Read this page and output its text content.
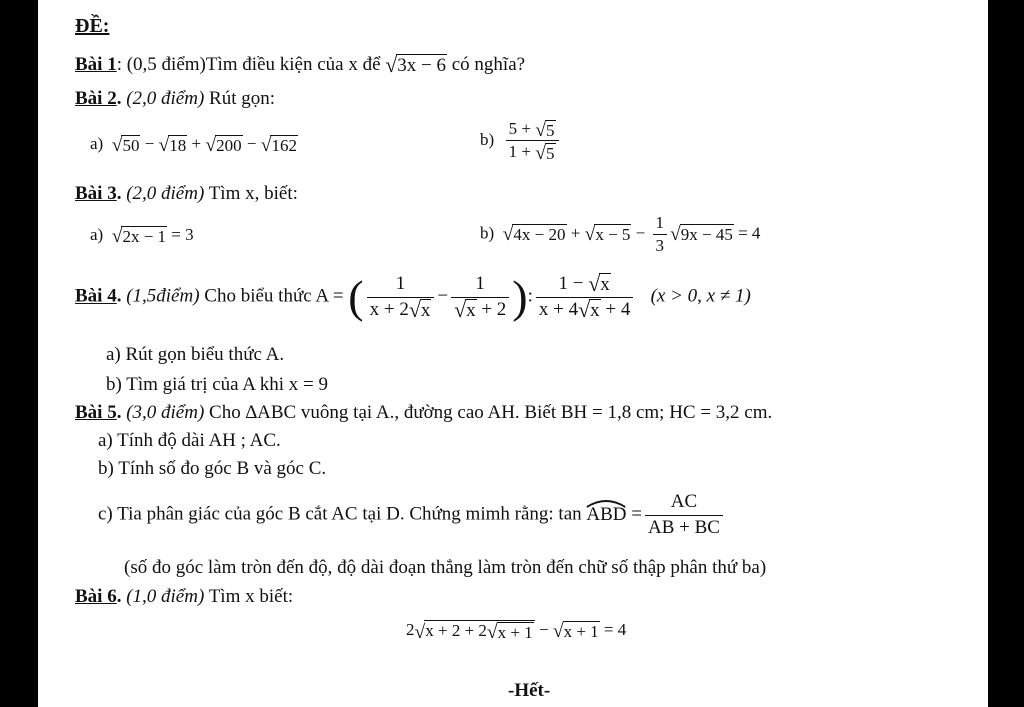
ĐỀ:
Bài 1: (0,5 điểm)Tìm điều kiện của x để √ 3x − 6 có nghĩa?
Bài 2. (2,0 điểm) Rút gọn:
a) √ 50 − √ 18 + √ 200 − √ 162	$b) \frac{5 + √ 5}{1 + √ 5}$
Bài 3. (2,0 điểm) Tìm x, biết:
a) √ 2x − 1 = 3	b) √ 4x − 20 + √ $x - 5 - \frac{1}{3}$ √ 9x − 45 = 4
Bài 4. (1,5điểm) Cho biểu thức A = ( $\frac{1}{x + 2 √ x} - \frac{1}{√ x + 2}$ ): $\frac{1 - √ x}{x + 4 √ x + 4} (x > 0$, x ≠ 1)
a) Rút gọn biểu thức A.
b) Tìm giá trị của A khi x = 9
Bài 5. (3,0 điểm) Cho ∆ABC vuông tại A., đường cao AH. Biết BH = 1,8 cm; HC = 3,2 cm.
a) Tính độ dài AH ; AC.
b) Tính số đo góc B và góc C.
c) Tia phân giác của góc B cắt AC tại D. Chứng mimh rằng: tan
ABD = $\frac{AC}{AB + BC}$
(số đo góc làm tròn đến độ, độ dài đoạn thẳng làm tròn đến chữ số thập phân thứ ba)
Bài 6. (1,0 điểm) Tìm x biết:
2 √ x + 2 + 2 √ x + 1 − √ x + 1 = 4
-Hết-
